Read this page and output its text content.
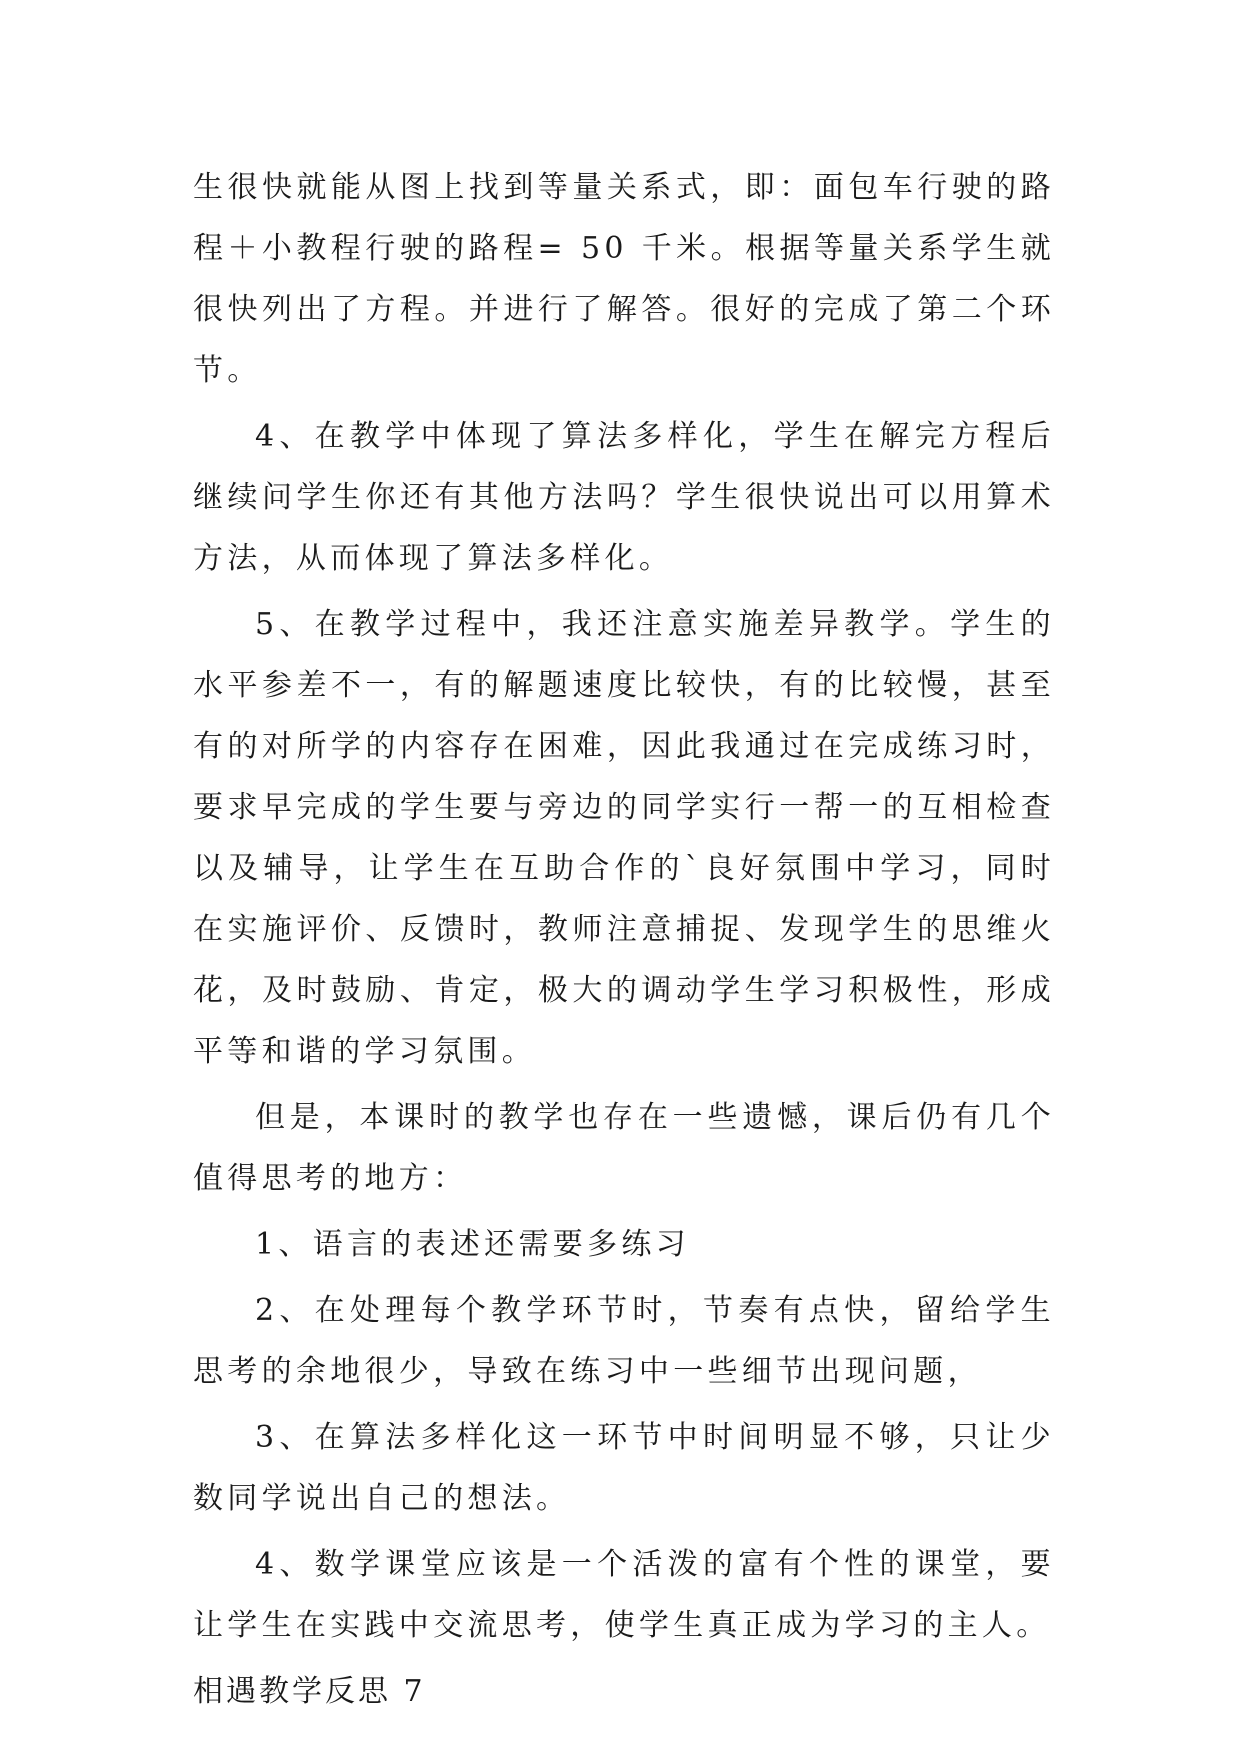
生很快就能从图上找到等量关系式，即：面包车行驶的路程＋小教程行驶的路程= 50 千米。根据等量关系学生就很快列出了方程。并进行了解答。很好的完成了第二个环节。

4、在教学中体现了算法多样化，学生在解完方程后继续问学生你还有其他方法吗？学生很快说出可以用算术方法，从而体现了算法多样化。

5、在教学过程中，我还注意实施差异教学。学生的水平参差不一，有的解题速度比较快，有的比较慢，甚至有的对所学的内容存在困难，因此我通过在完成练习时，要求早完成的学生要与旁边的同学实行一帮一的互相检查以及辅导，让学生在互助合作的`良好氛围中学习，同时在实施评价、反馈时，教师注意捕捉、发现学生的思维火花，及时鼓励、肯定，极大的调动学生学习积极性，形成平等和谐的学习氛围。

但是，本课时的教学也存在一些遗憾，课后仍有几个值得思考的地方：

1、语言的表述还需要多练习

2、在处理每个教学环节时，节奏有点快，留给学生思考的余地很少，导致在练习中一些细节出现问题，

3、在算法多样化这一环节中时间明显不够，只让少数同学说出自己的想法。

4、数学课堂应该是一个活泼的富有个性的课堂，要让学生在实践中交流思考，使学生真正成为学习的主人。

相遇教学反思 7
